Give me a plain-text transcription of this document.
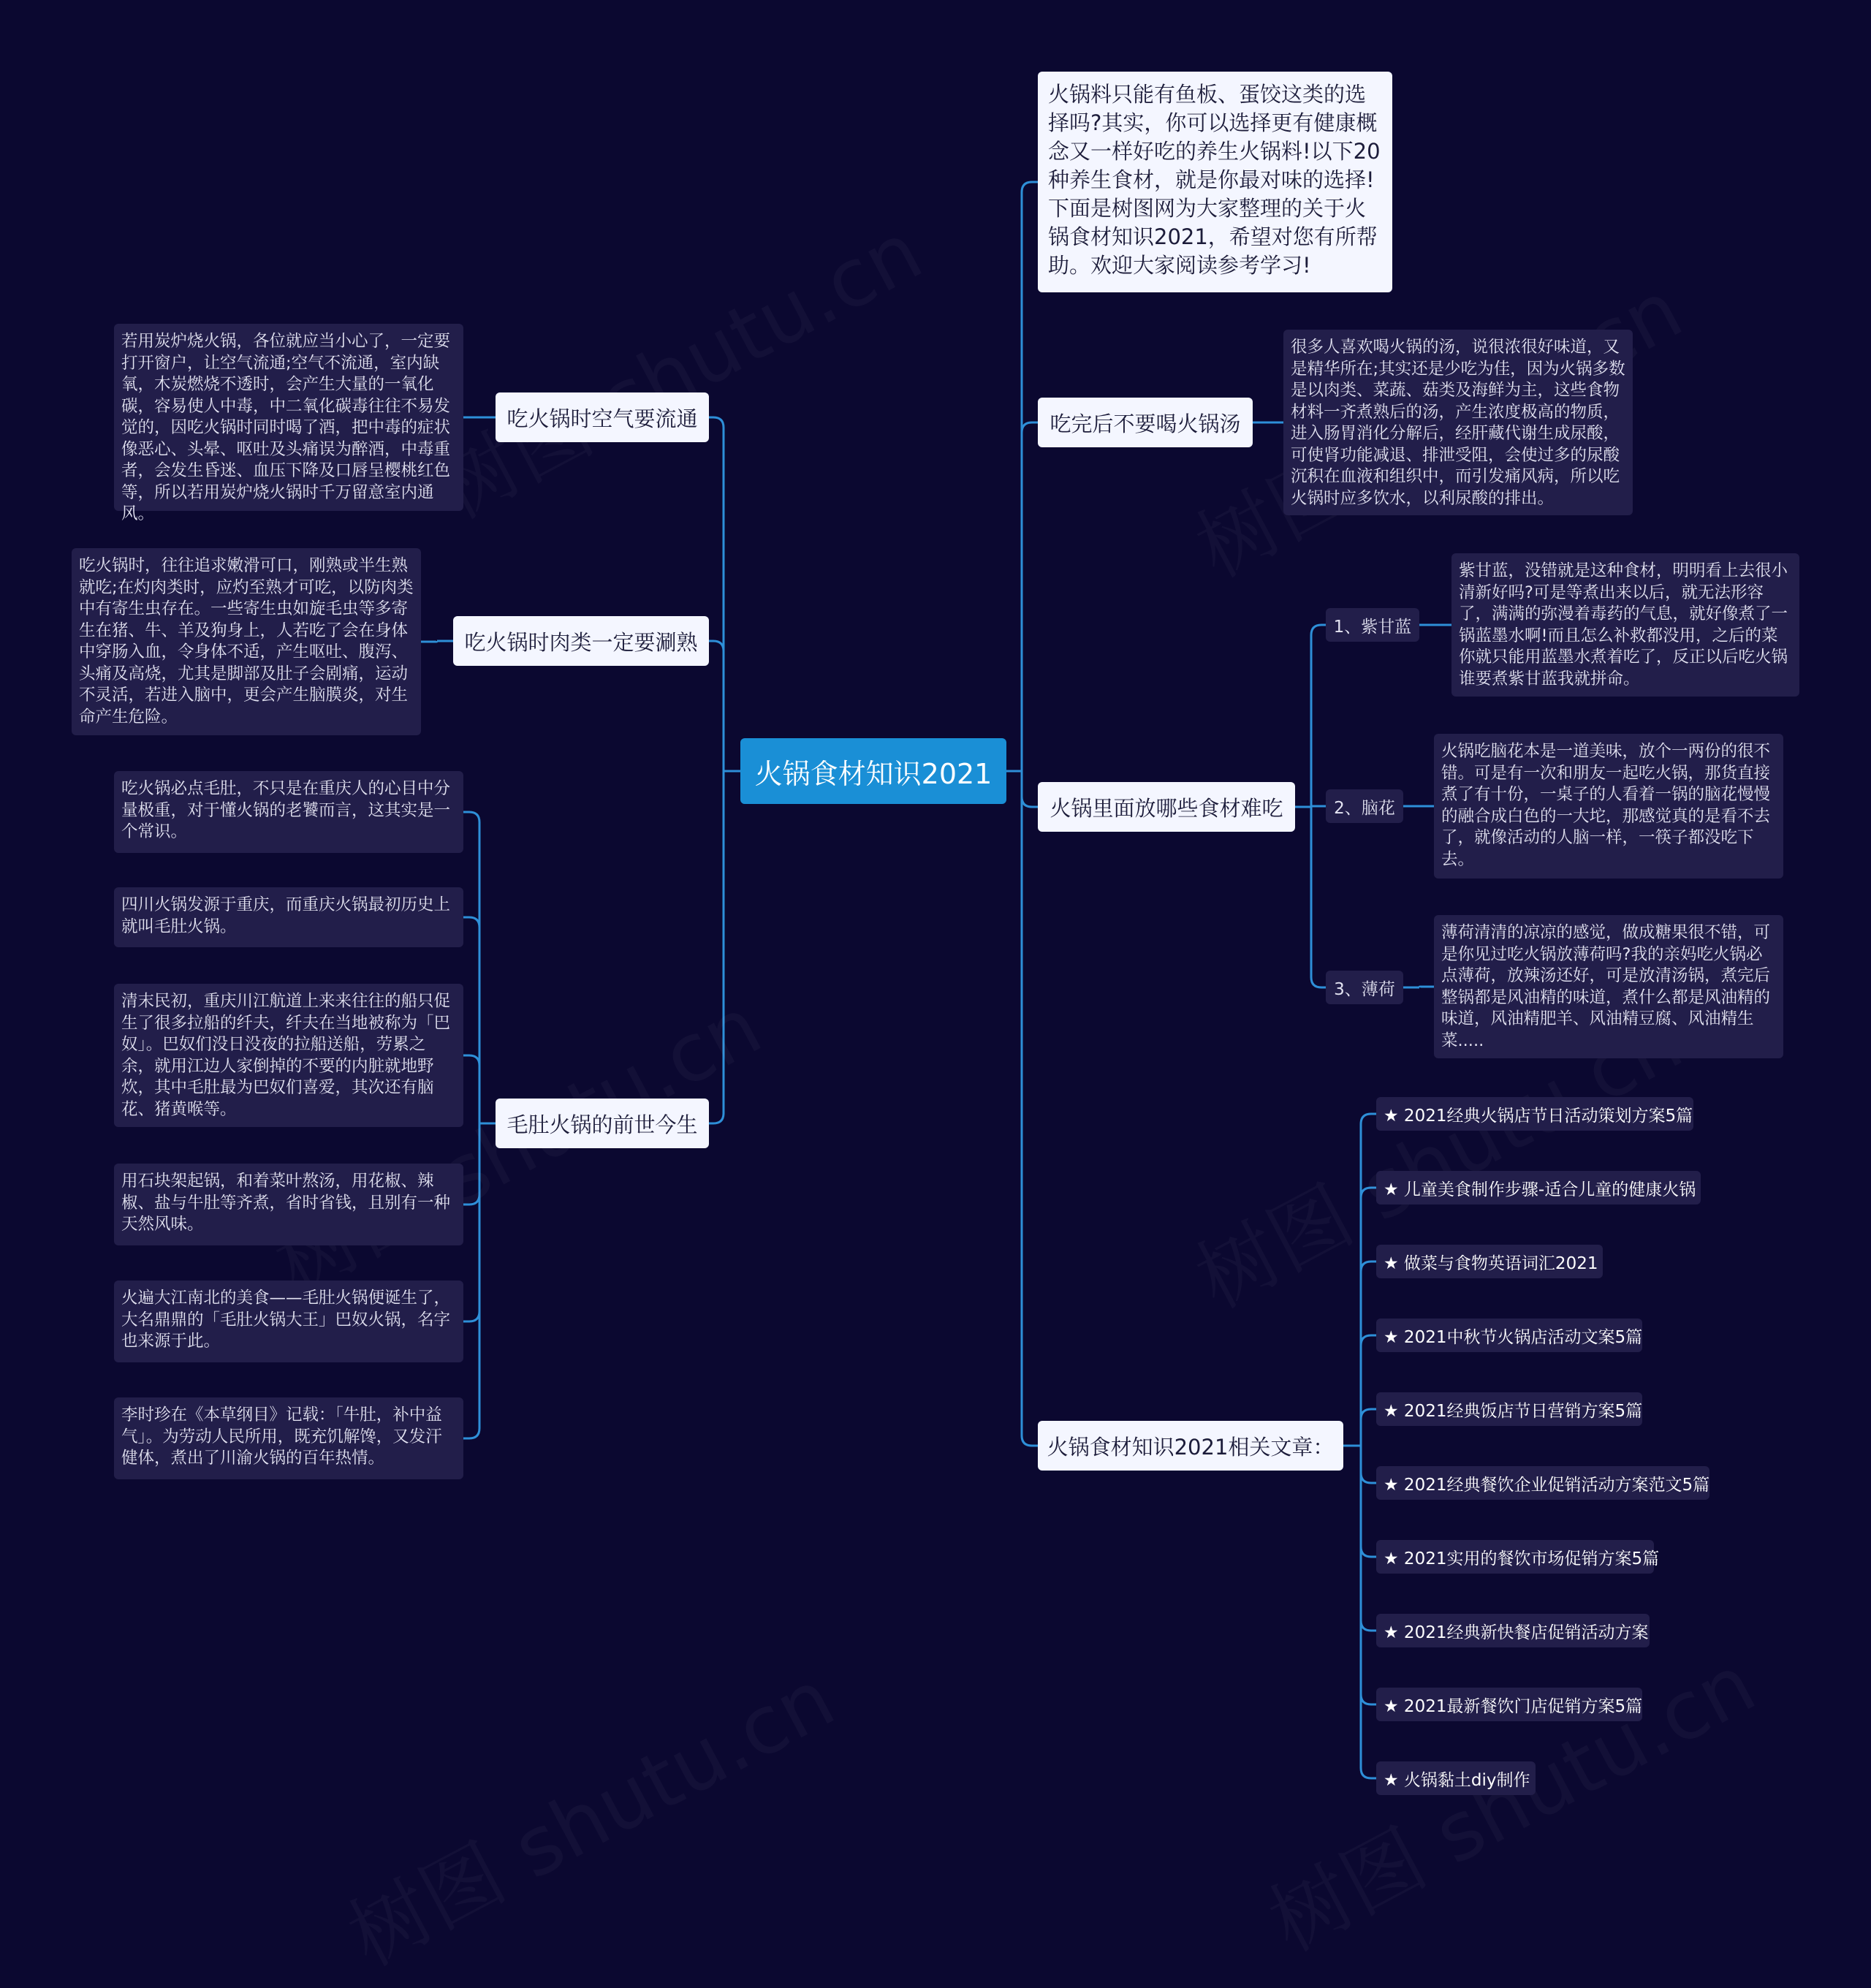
火锅食材知识2021
火锅料只能有鱼板、蛋饺这类的选择吗?其实，你可以选择更有健康概念又一样好吃的养生火锅料!以下20种养生食材，就是你最对味的选择!下面是树图网为大家整理的关于火锅食材知识2021，希望对您有所帮助。欢迎大家阅读参考学习!
吃完后不要喝火锅汤
很多人喜欢喝火锅的汤，说很浓很好味道，又是精华所在;其实还是少吃为佳，因为火锅多数是以肉类、菜蔬、菇类及海鲜为主，这些食物材料一齐煮熟后的汤，产生浓度极高的物质，进入肠胃消化分解后，经肝藏代谢生成尿酸，可使肾功能减退、排泄受阻，会使过多的尿酸沉积在血液和组织中，而引发痛风病，所以吃火锅时应多饮水，以利尿酸的排出。
火锅里面放哪些食材难吃
1、紫甘蓝
紫甘蓝，没错就是这种食材，明明看上去很小清新好吗?可是等煮出来以后，就无法形容了，满满的弥漫着毒药的气息，就好像煮了一锅蓝墨水啊!而且怎么补救都没用，之后的菜你就只能用蓝墨水煮着吃了，反正以后吃火锅谁要煮紫甘蓝我就拼命。
2、脑花
火锅吃脑花本是一道美味，放个一两份的很不错。可是有一次和朋友一起吃火锅，那货直接煮了有十份，一桌子的人看着一锅的脑花慢慢的融合成白色的一大坨，那感觉真的是看不去了，就像活动的人脑一样，一筷子都没吃下去。
3、薄荷
薄荷清清的凉凉的感觉，做成糖果很不错，可是你见过吃火锅放薄荷吗?我的亲妈吃火锅必点薄荷，放辣汤还好，可是放清汤锅，煮完后整锅都是风油精的味道，煮什么都是风油精的味道，风油精肥羊、风油精豆腐、风油精生菜.....
火锅食材知识2021相关文章：
★ 2021经典火锅店节日活动策划方案5篇
★ 儿童美食制作步骤-适合儿童的健康火锅
★ 做菜与食物英语词汇2021
★ 2021中秋节火锅店活动文案5篇
★ 2021经典饭店节日营销方案5篇
★ 2021经典餐饮企业促销活动方案范文5篇
★ 2021实用的餐饮市场促销方案5篇
★ 2021经典新快餐店促销活动方案
★ 2021最新餐饮门店促销方案5篇
★ 火锅黏土diy制作
吃火锅时空气要流通
若用炭炉烧火锅，各位就应当小心了，一定要打开窗户，让空气流通;空气不流通，室内缺氧，木炭燃烧不透时，会产生大量的一氧化碳，容易使人中毒，中二氧化碳毒往往不易发觉的，因吃火锅时同时喝了酒，把中毒的症状像恶心、头晕、呕吐及头痛误为醉酒，中毒重者，会发生昏迷、血压下降及口唇呈樱桃红色等，所以若用炭炉烧火锅时千万留意室内通风。
吃火锅时肉类一定要涮熟
吃火锅时，往往追求嫩滑可口，刚熟或半生熟就吃;在灼肉类时，应灼至熟才可吃，以防肉类中有寄生虫存在。一些寄生虫如旋毛虫等多寄生在猪、牛、羊及狗身上，人若吃了会在身体中穿肠入血，令身体不适，产生呕吐、腹泻、头痛及高烧，尤其是脚部及肚子会剧痛，运动不灵活，若进入脑中，更会产生脑膜炎，对生命产生危险。
毛肚火锅的前世今生
吃火锅必点毛肚，不只是在重庆人的心目中分量极重，对于懂火锅的老饕而言，这其实是一个常识。
四川火锅发源于重庆，而重庆火锅最初历史上就叫毛肚火锅。
清末民初，重庆川江航道上来来往往的船只促生了很多拉船的纤夫，纤夫在当地被称为「巴奴」。巴奴们没日没夜的拉船送船，劳累之余，就用江边人家倒掉的不要的内脏就地野炊，其中毛肚最为巴奴们喜爱，其次还有脑花、猪黄喉等。
用石块架起锅，和着菜叶熬汤，用花椒、辣椒、盐与牛肚等齐煮，省时省钱，且别有一种天然风味。
火遍大江南北的美食——毛肚火锅便诞生了，大名鼎鼎的「毛肚火锅大王」巴奴火锅，名字也来源于此。
李时珍在《本草纲目》记载：「牛肚，补中益气」。为劳动人民所用，既充饥解馋，又发汗健体，煮出了川渝火锅的百年热情。
